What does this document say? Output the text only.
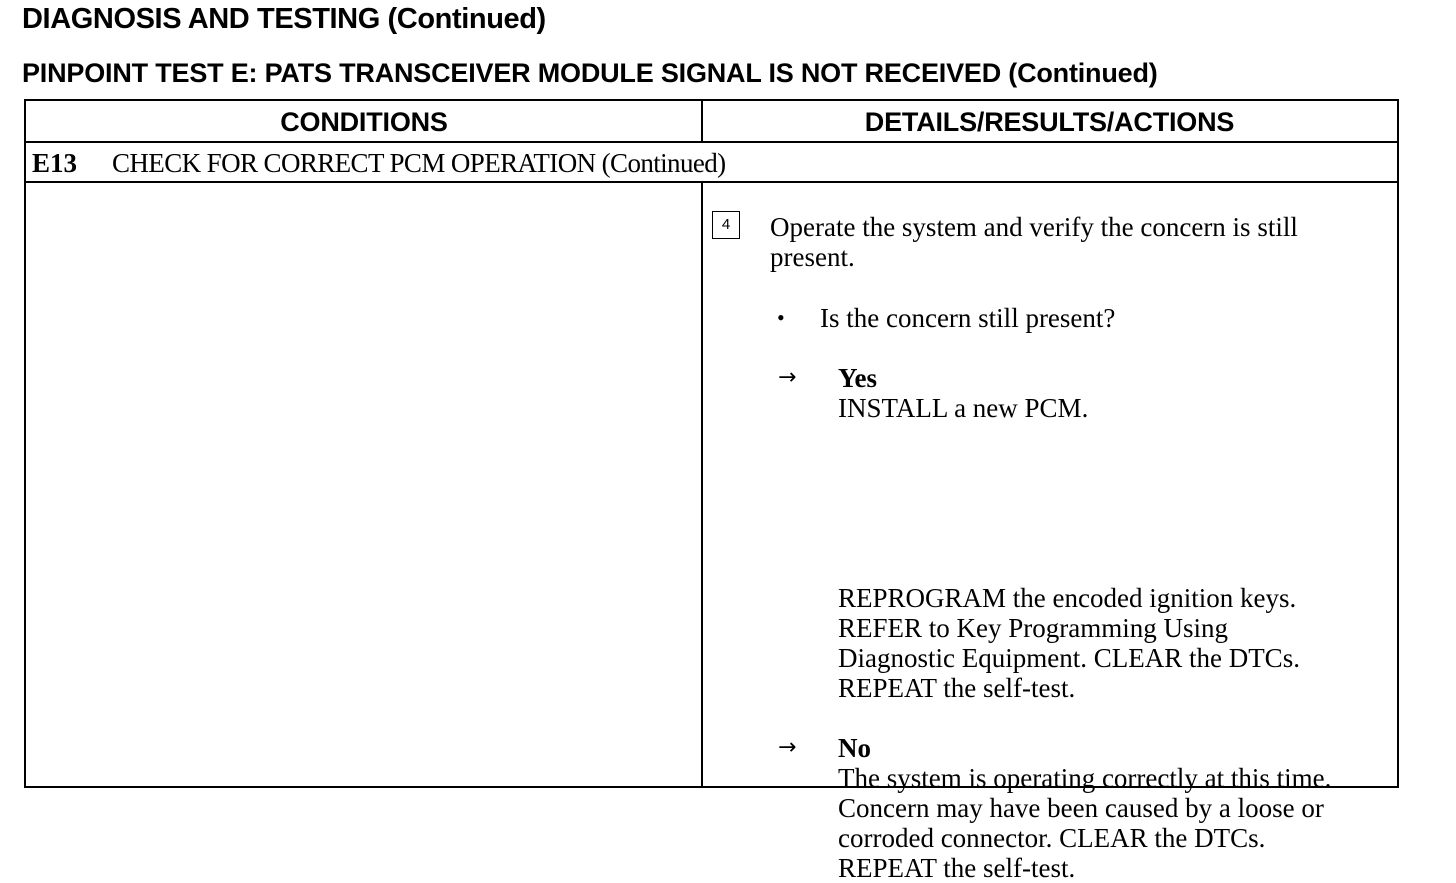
DIAGNOSIS AND TESTING (Continued)
PINPOINT TEST E: PATS TRANSCEIVER MODULE SIGNAL IS NOT RECEIVED (Continued)
CONDITIONS	DETAILS/RESULTS/ACTIONS
E13 CHECK FOR CORRECT PCM OPERATION (Continued)
4	Operate the system and verify the concern is still present.
•	Is the concern still present?
→ Yes
INSTALL a new PCM.
REPROGRAM the encoded ignition keys.
REFER to Key Programming Using
Diagnostic Equipment. CLEAR the DTCs.
REPEAT the self-test.
→ No
The system is operating correctly at this time.
Concern may have been caused by a loose or
corroded connector. CLEAR the DTCs.
REPEAT the self-test.
